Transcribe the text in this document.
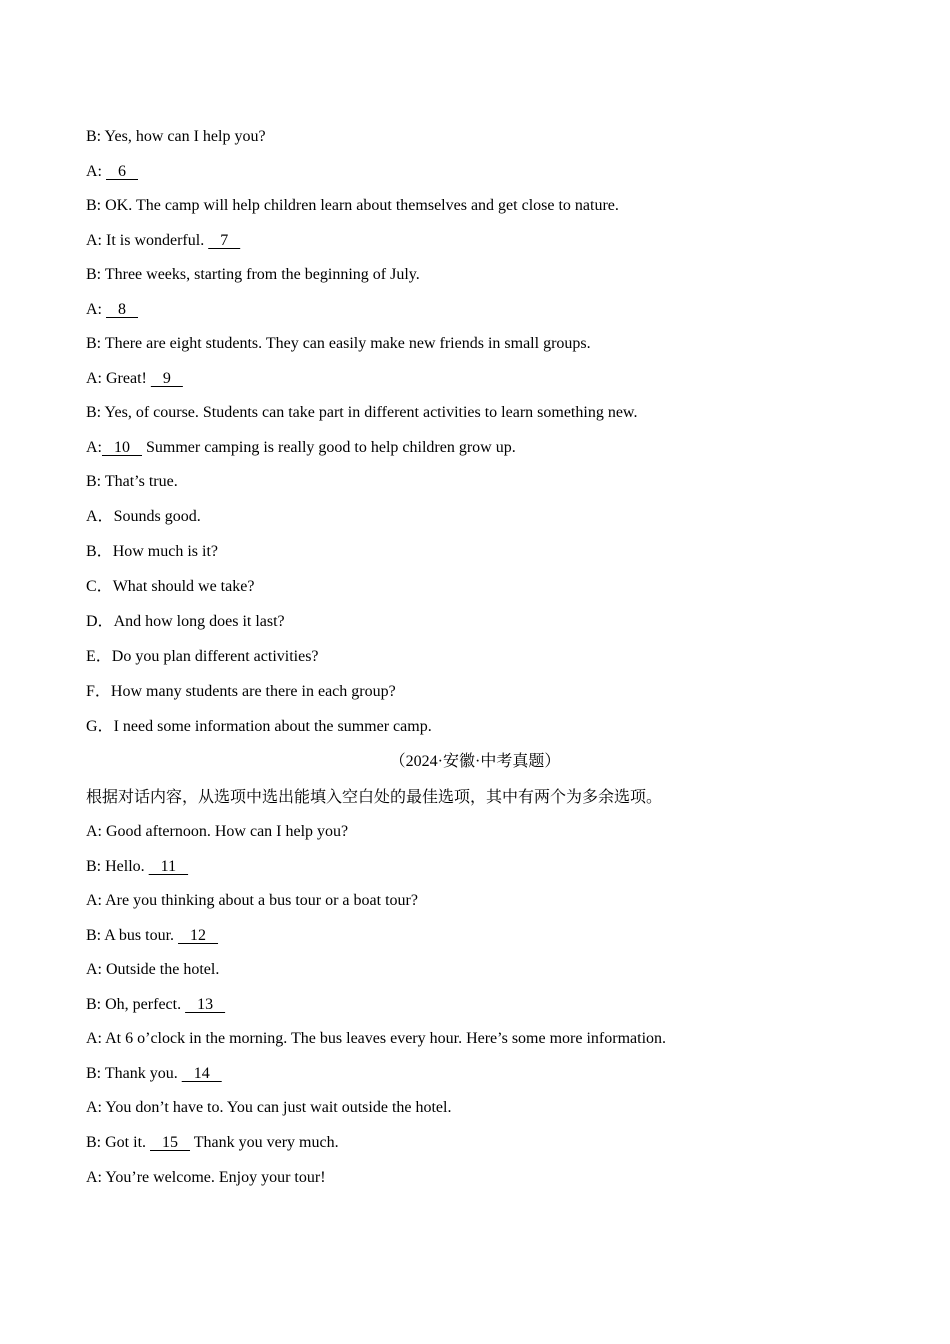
B: Yes, how can I help you?
A:    6
B: OK. The camp will help children learn about themselves and get close to nature.
A: It is wonderful.    7
B: Three weeks, starting from the beginning of July.
A:    8
B: There are eight students. They can easily make new friends in small groups.
A: Great!    9
B: Yes, of course. Students can take part in different activities to learn something new.
A:   10    Summer camping is really good to help children grow up.
B: That’s true.
A．Sounds good.
B．How much is it?
C．What should we take?
D．And how long does it last?
E．Do you plan different activities?
F．How many students are there in each group?
G．I need some information about the summer camp.
（2024·安徽·中考真题）
根据对话内容，从选项中选出能填入空白处的最佳选项，其中有两个为多余选项。
A: Good afternoon. How can I help you?
B: Hello.    11
A: Are you thinking about a bus tour or a boat tour?
B: A bus tour.    12
A: Outside the hotel.
B: Oh, perfect.    13
A: At 6 o’clock in the morning. The bus leaves every hour. Here’s some more information.
B: Thank you.    14
A: You don’t have to. You can just wait outside the hotel.
B: Got it.    15    Thank you very much.
A: You’re welcome. Enjoy your tour!
